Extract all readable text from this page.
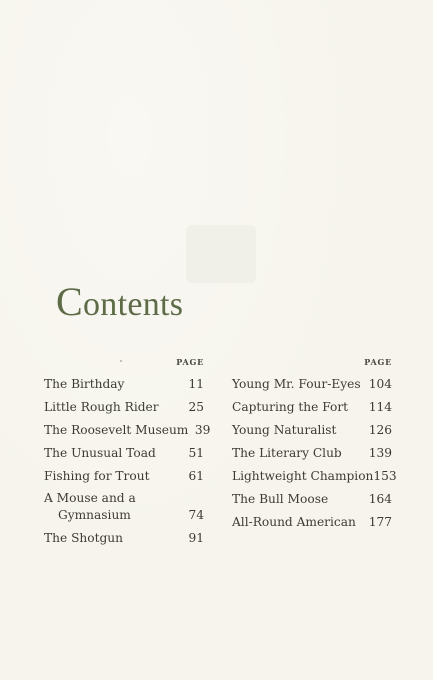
Contents
PAGE
The Birthday	11
Little Rough Rider	25
The Roosevelt Museum 39
The Unusual Toad	51
Fishing for Trout	61
A Mouse and a
Gymnasium	74
The Shotgun	91
PAGE
Young Mr. Four-Eyes 104
Capturing the Fort 114
Young Naturalist	126
The Literary Club 139
Lightweight Champion 153
The Bull Moose	164
All-Round American 177
